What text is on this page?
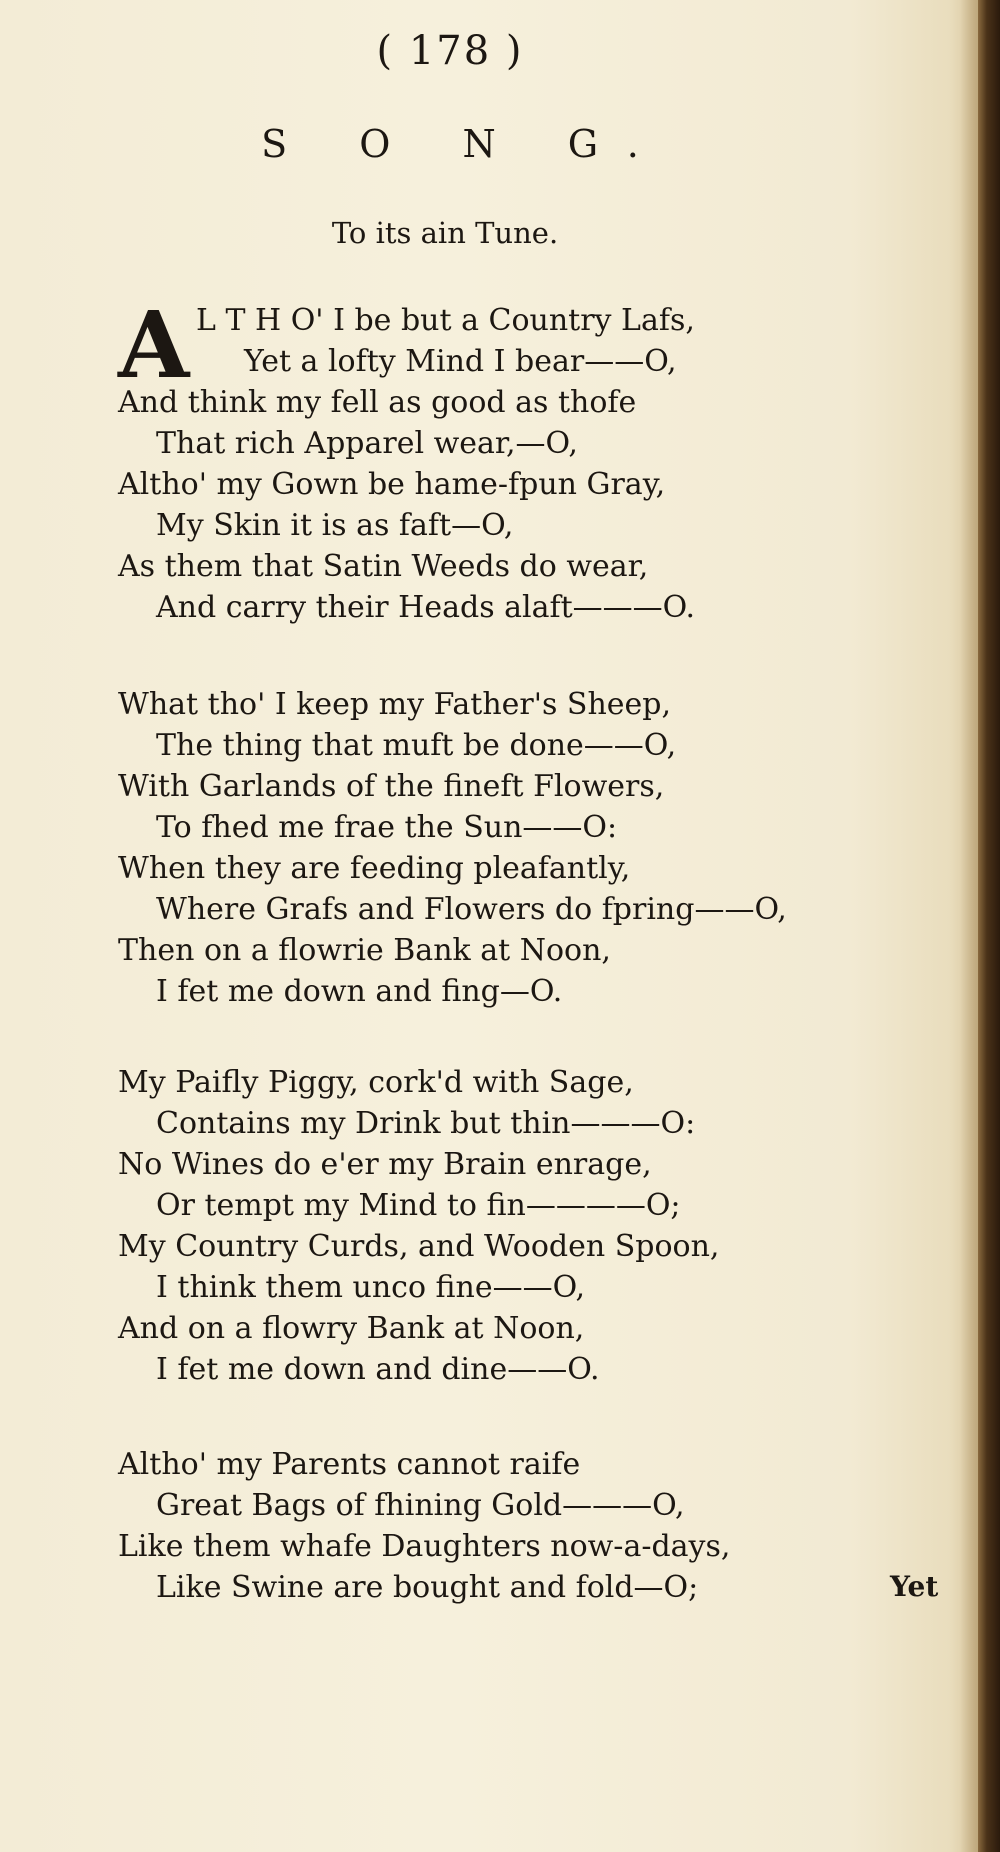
( 178 )
S O N G.
To its ain Tune.
A L T H O' I be but a Country Lafs,
Yet a lofty Mind I bear——O,
And think my fell as good as thofe
That rich Apparel wear,—O,
Altho' my Gown be hame-fpun Gray,
My Skin it is as faft—O,
As them that Satin Weeds do wear,
And carry their Heads alaft———O.
What tho' I keep my Father's Sheep,
The thing that muft be done——O,
With Garlands of the fineft Flowers,
To fhed me frae the Sun——O:
When they are feeding pleafantly,
Where Grafs and Flowers do fpring——O,
Then on a flowrie Bank at Noon,
I fet me down and fing—O.
My Paifly Piggy, cork'd with Sage,
Contains my Drink but thin———O:
No Wines do e'er my Brain enrage,
Or tempt my Mind to fin————O;
My Country Curds, and Wooden Spoon,
I think them unco fine——O,
And on a flowry Bank at Noon,
I fet me down and dine——O.
Altho' my Parents cannot raife
Great Bags of fhining Gold———O,
Like them whafe Daughters now-a-days,
Like Swine are bought and fold—O;	Yet
